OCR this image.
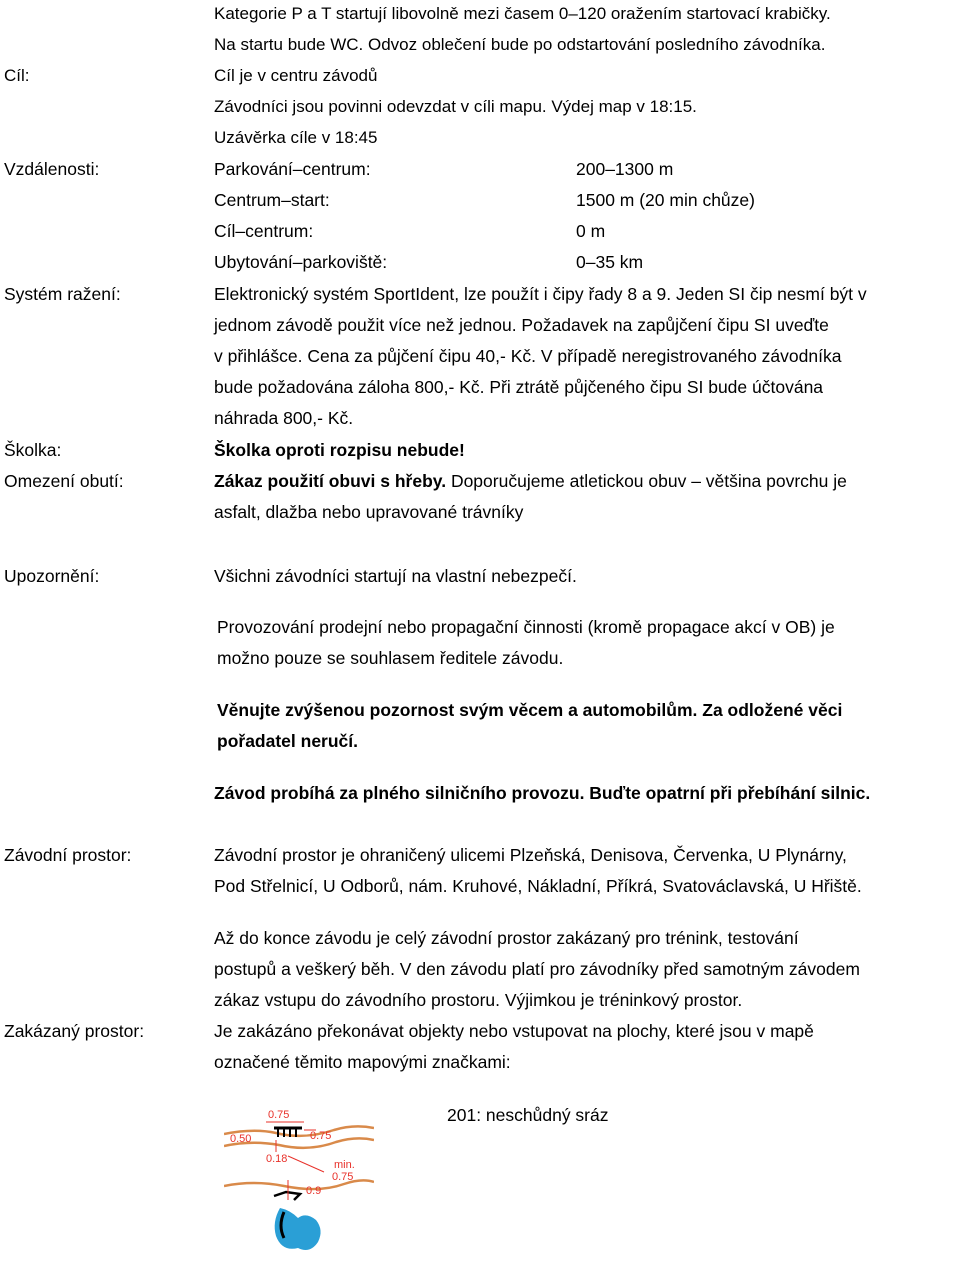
Kategorie P a T startují libovolně mezi časem 0–120 oražením startovací krabičky.
Na startu bude WC. Odvoz oblečení bude po odstartování posledního závodníka.
Cíl:	Cíl je v centru závodů
Závodníci jsou povinni odevzdat v cíli mapu. Výdej map v 18:15.
Uzávěrka cíle v 18:45
Vzdálenosti:	Parkování–centrum:	200–1300 m
Centrum–start:	1500 m (20 min chůze)
Cíl–centrum:	0 m
Ubytování–parkoviště:	0–35 km
Systém ražení:	Elektronický systém SportIdent, lze použít i čipy řady 8 a 9. Jeden SI čip nesmí být v
jednom závodě použit více než jednou. Požadavek na zapůjčení čipu SI uveďte
v přihlášce. Cena za půjčení čipu 40,- Kč. V případě neregistrovaného závodníka
bude požadována záloha 800,- Kč. Při ztrátě půjčeného čipu SI bude účtována
náhrada 800,- Kč.
Školka:	Školka oproti rozpisu nebude!
Omezení obutí:	Zákaz použití obuvi s hřeby. Doporučujeme atletickou obuv – většina povrchu je
asfalt, dlažba nebo upravované trávníky
Upozornění:	Všichni závodníci startují na vlastní nebezpečí.
Provozování prodejní nebo propagační činnosti (kromě propagace akcí v OB) je
možno pouze se souhlasem ředitele závodu.
Věnujte zvýšenou pozornost svým věcem a automobilům. Za odložené věci
pořadatel neručí.
Závod probíhá za plného silničního provozu. Buďte opatrní při přebíhání silnic.
Závodní prostor:	Závodní prostor je ohraničený ulicemi Plzeňská, Denisova, Červenka, U Plynárny,
Pod Střelnicí, U Odborů, nám. Kruhové, Nákladní, Příkrá, Svatováclavská, U Hřiště.
Až do konce závodu je celý závodní prostor zakázaný pro trénink, testování
postupů a veškerý běh. V den závodu platí pro závodníky před samotným závodem
zákaz vstupu do závodního prostoru. Výjimkou je tréninkový prostor.
Zakázaný prostor:	Je zakázáno překonávat objekty nebo vstupovat na plochy, které jsou v mapě
označené těmito mapovými značkami:
0.75
0.50	0.75
0.18	min.
0.75
0.9
201: neschůdný sráz
